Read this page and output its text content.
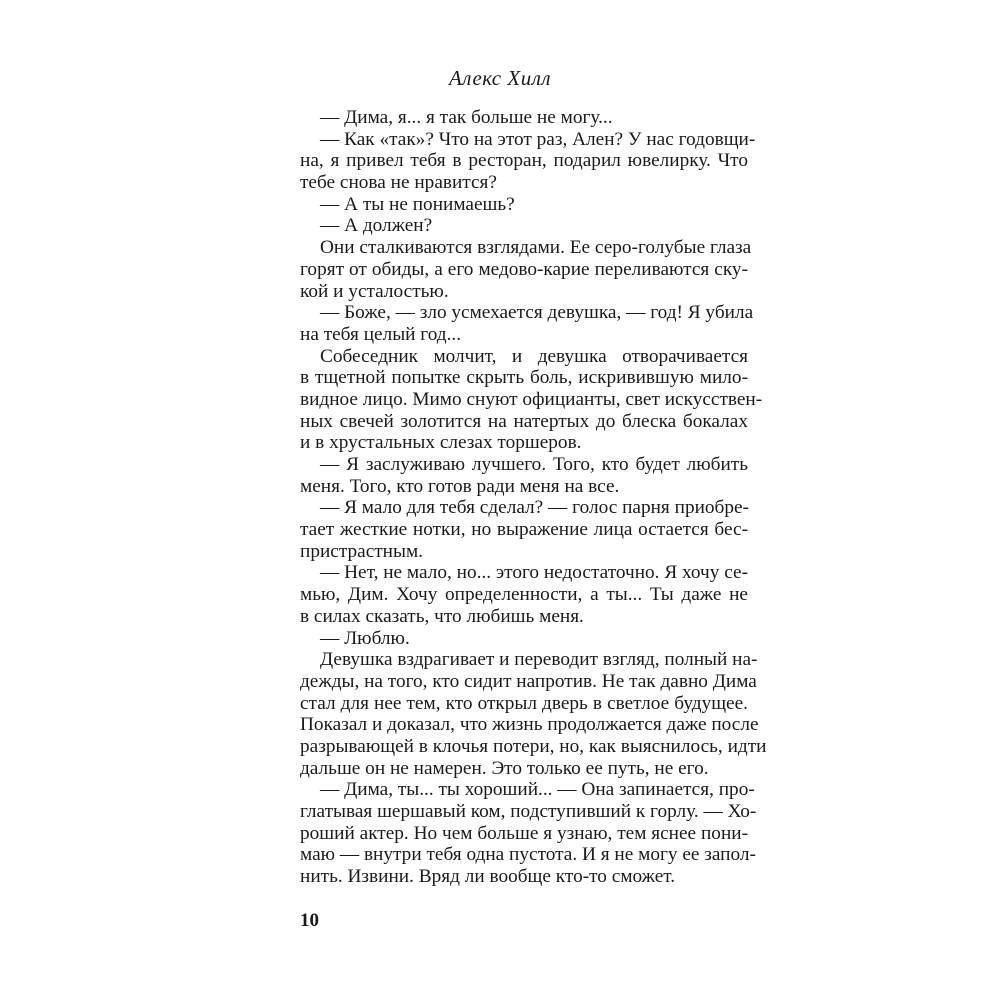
Алекс Хилл
— Дима, я... я так больше не могу...
— Как «так»? Что на этот раз, Ален? У нас годовщи-
на, я привел тебя в ресторан, подарил ювелирку. Что
тебе снова не нравится?
— А ты не понимаешь?
— А должен?
Они сталкиваются взглядами. Ее серо-голубые глаза
горят от обиды, а его медово-карие переливаются ску-
кой и усталостью.
— Боже, — зло усмехается девушка, — год! Я убила
на тебя целый год...
Собеседник молчит, и девушка отворачивается
в тщетной попытке скрыть боль, искривившую мило-
видное лицо. Мимо снуют официанты, свет искусствен-
ных свечей золотится на натертых до блеска бокалах
и в хрустальных слезах торшеров.
— Я заслуживаю лучшего. Того, кто будет любить
меня. Того, кто готов ради меня на все.
— Я мало для тебя сделал? — голос парня приобре-
тает жесткие нотки, но выражение лица остается бес-
пристрастным.
— Нет, не мало, но... этого недостаточно. Я хочу се-
мью, Дим. Хочу определенности, а ты... Ты даже не
в силах сказать, что любишь меня.
— Люблю.
Девушка вздрагивает и переводит взгляд, полный на-
дежды, на того, кто сидит напротив. Не так давно Дима
стал для нее тем, кто открыл дверь в светлое будущее.
Показал и доказал, что жизнь продолжается даже после
разрывающей в клочья потери, но, как выяснилось, идти
дальше он не намерен. Это только ее путь, не его.
— Дима, ты... ты хороший... — Она запинается, про-
глатывая шершавый ком, подступивший к горлу. — Хо-
роший актер. Но чем больше я узнаю, тем яснее пони-
маю — внутри тебя одна пустота. И я не могу ее запол-
нить. Извини. Вряд ли вообще кто-то сможет.
10
